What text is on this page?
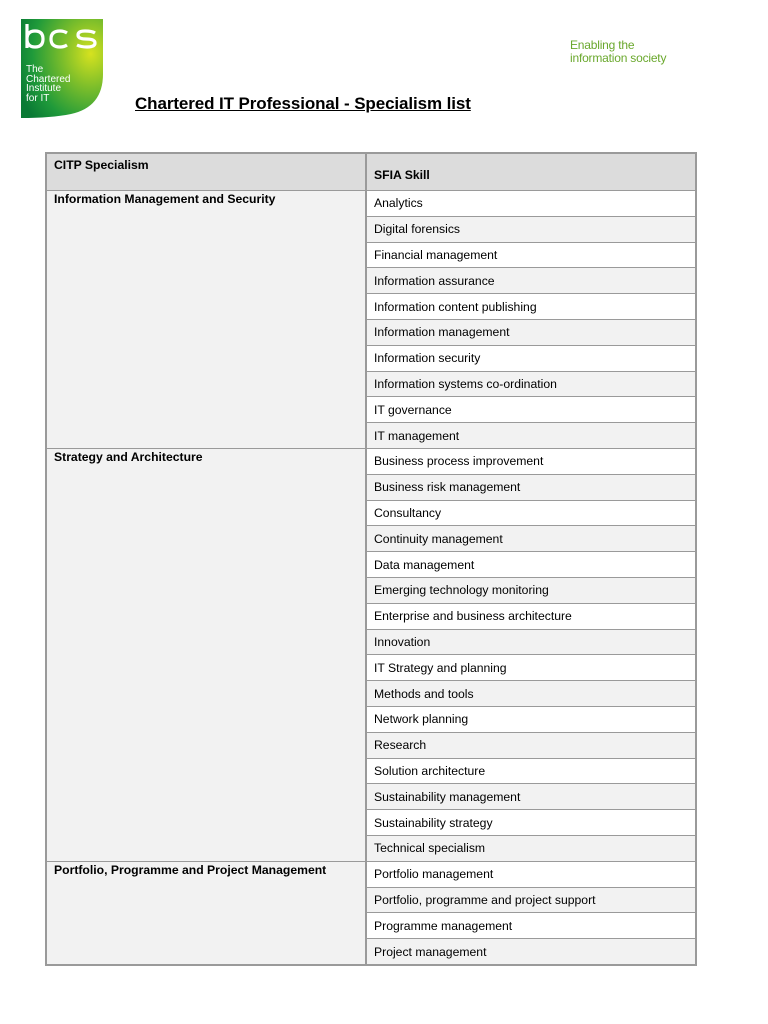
The
Chartered
Institute
for IT
Enabling the
information society
Chartered IT Professional - Specialism list
CITP Specialism	SFIA Skill
Information Management and Security	Analytics
	Digital forensics
	Financial management
	Information assurance
	Information content publishing
	Information management
	Information security
	Information systems co-ordination
	IT governance
	IT management
Strategy and Architecture	Business process improvement
	Business risk management
	Consultancy
	Continuity management
	Data management
	Emerging technology monitoring
	Enterprise and business architecture
	Innovation
	IT Strategy and planning
	Methods and tools
	Network planning
	Research
	Solution architecture
	Sustainability management
	Sustainability strategy
	Technical specialism
Portfolio, Programme and Project Management	Portfolio management
	Portfolio, programme and project support
	Programme management
	Project management
